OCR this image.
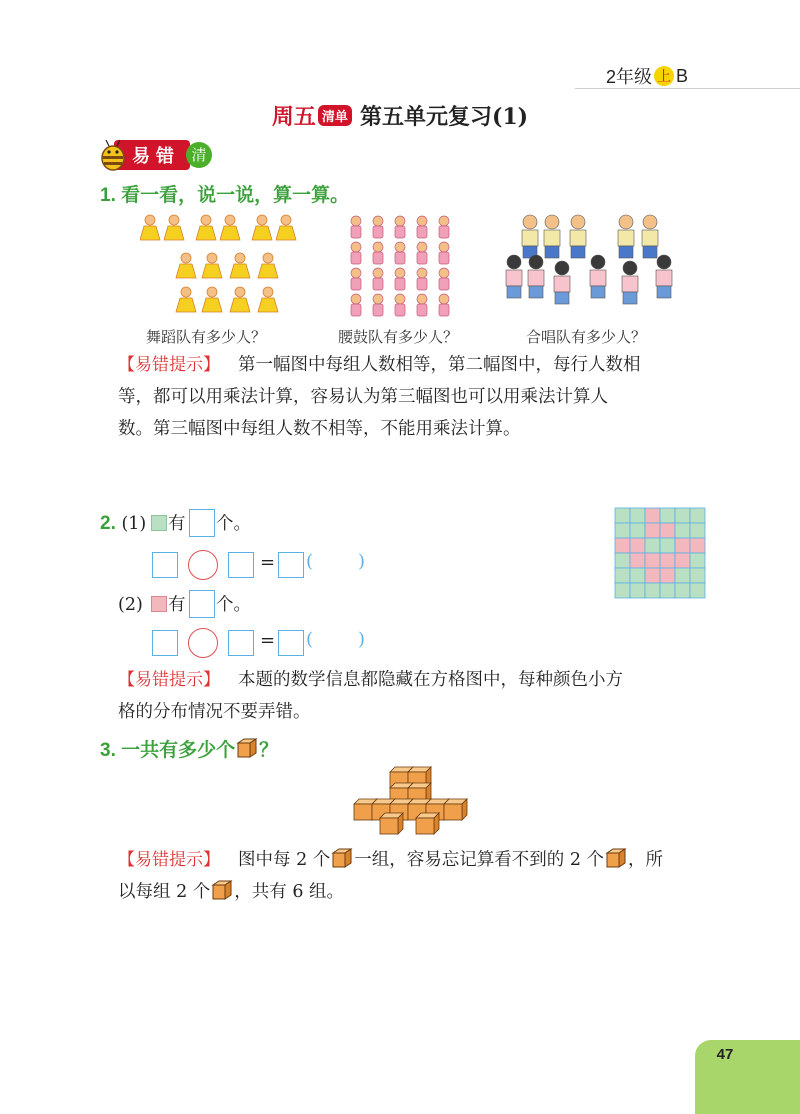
2年级 上 B
周五 清单 第五单元复习(1)
易错 清
1. 看一看，说一说，算一算。
舞蹈队有多少人？	腰鼓队有多少人？	合唱队有多少人？
【易错提示】 第一幅图中每组人数相等，第二幅图中，每行人数相
等，都可以用乘法计算，容易认为第三幅图也可以用乘法计算人
数。第三幅图中每组人数不相等，不能用乘法计算。
2. (1) 有 个。
= ( )
(2) 有 个。
= ( )
【易错提示】 本题的数学信息都隐藏在方格图中，每种颜色小方
格的分布情况不要弄错。
3. 一共有多少个 ？
【易错提示】 图中每 2 个 一组，容易忘记算看不到的 2 个 ，所
以每组 2 个 ，共有 6 组。
47
